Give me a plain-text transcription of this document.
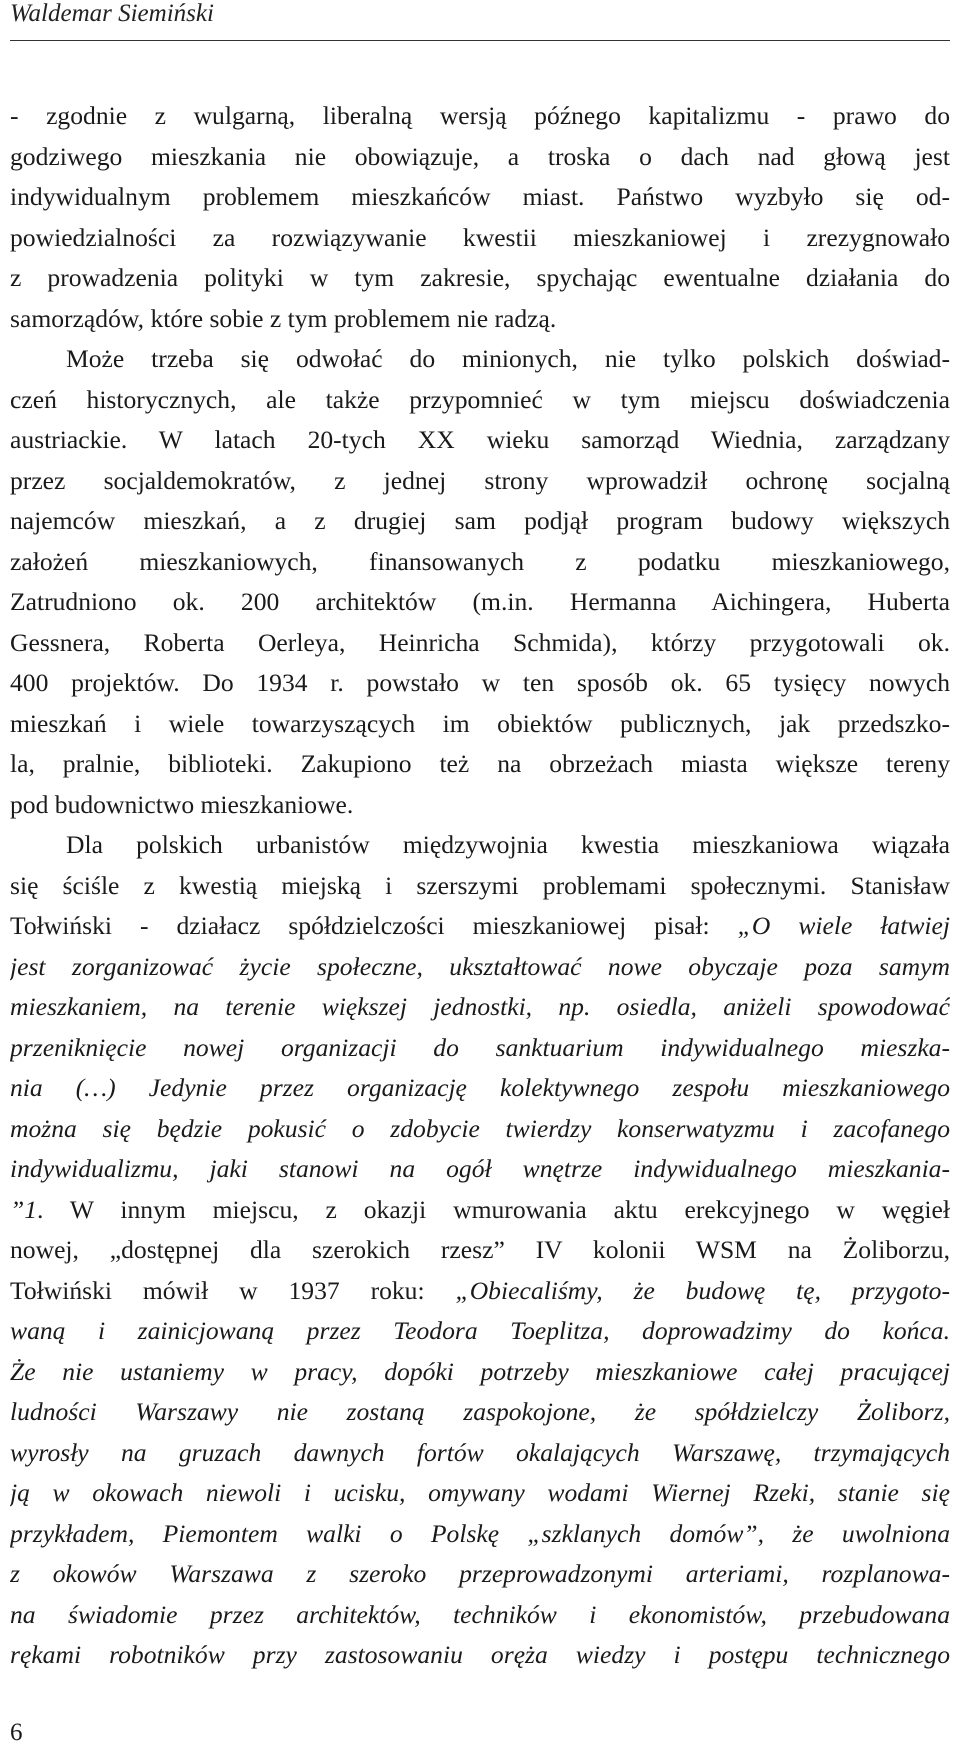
Waldemar Siemiński
- zgodnie z wulgarną, liberalną wersją późnego kapitalizmu - prawo do
godziwego mieszkania nie obowiązuje, a troska o dach nad głową jest
indywidualnym problemem mieszkańców miast. Państwo wyzbyło się od-
powiedzialności za rozwiązywanie kwestii mieszkaniowej i zrezygnowało
z prowadzenia polityki w tym zakresie, spychając ewentualne działania do
samorządów, które sobie z tym problemem nie radzą.
Może trzeba się odwołać do minionych, nie tylko polskich doświad-
czeń historycznych, ale także przypomnieć w tym miejscu doświadczenia
austriackie. W latach 20-tych XX wieku samorząd Wiednia, zarządzany
przez socjaldemokratów, z jednej strony wprowadził ochronę socjalną
najemców mieszkań, a z drugiej sam podjął program budowy większych
założeń mieszkaniowych, finansowanych z podatku mieszkaniowego,
Zatrudniono ok. 200 architektów (m.in. Hermanna Aichingera, Huberta
Gessnera, Roberta Oerleya, Heinricha Schmida), którzy przygotowali ok.
400 projektów. Do 1934 r. powstało w ten sposób ok. 65 tysięcy nowych
mieszkań i wiele towarzyszących im obiektów publicznych, jak przedszko-
la, pralnie, biblioteki. Zakupiono też na obrzeżach miasta większe tereny
pod budownictwo mieszkaniowe.
Dla polskich urbanistów międzywojnia kwestia mieszkaniowa wiązała
się ściśle z kwestią miejską i szerszymi problemami społecznymi. Stanisław
Tołwiński - działacz spółdzielczości mieszkaniowej pisał: „O wiele łatwiej
jest zorganizować życie społeczne, ukształtować nowe obyczaje poza samym
mieszkaniem, na terenie większej jednostki, np. osiedla, aniżeli spowodować
przeniknięcie nowej organizacji do sanktuarium indywidualnego mieszka-
nia (…) Jedynie przez organizację kolektywnego zespołu mieszkaniowego
można się będzie pokusić o zdobycie twierdzy konserwatyzmu i zacofanego
indywidualizmu, jaki stanowi na ogół wnętrze indywidualnego mieszkania-
”1. W innym miejscu, z okazji wmurowania aktu erekcyjnego w węgieł
nowej, „dostępnej dla szerokich rzesz” IV kolonii WSM na Żoliborzu,
Tołwiński mówił w 1937 roku: „Obiecaliśmy, że budowę tę, przygoto-
waną i zainicjowaną przez Teodora Toeplitza, doprowadzimy do końca.
Że nie ustaniemy w pracy, dopóki potrzeby mieszkaniowe całej pracującej
ludności Warszawy nie zostaną zaspokojone, że spółdzielczy Żoliborz,
wyrosły na gruzach dawnych fortów okalających Warszawę, trzymających
ją w okowach niewoli i ucisku, omywany wodami Wiernej Rzeki, stanie się
przykładem, Piemontem walki o Polskę „szklanych domów”, że uwolniona
z okowów Warszawa z szeroko przeprowadzonymi arteriami, rozplanowa-
na świadomie przez architektów, techników i ekonomistów, przebudowana
rękami robotników przy zastosowaniu oręża wiedzy i postępu technicznego
6
